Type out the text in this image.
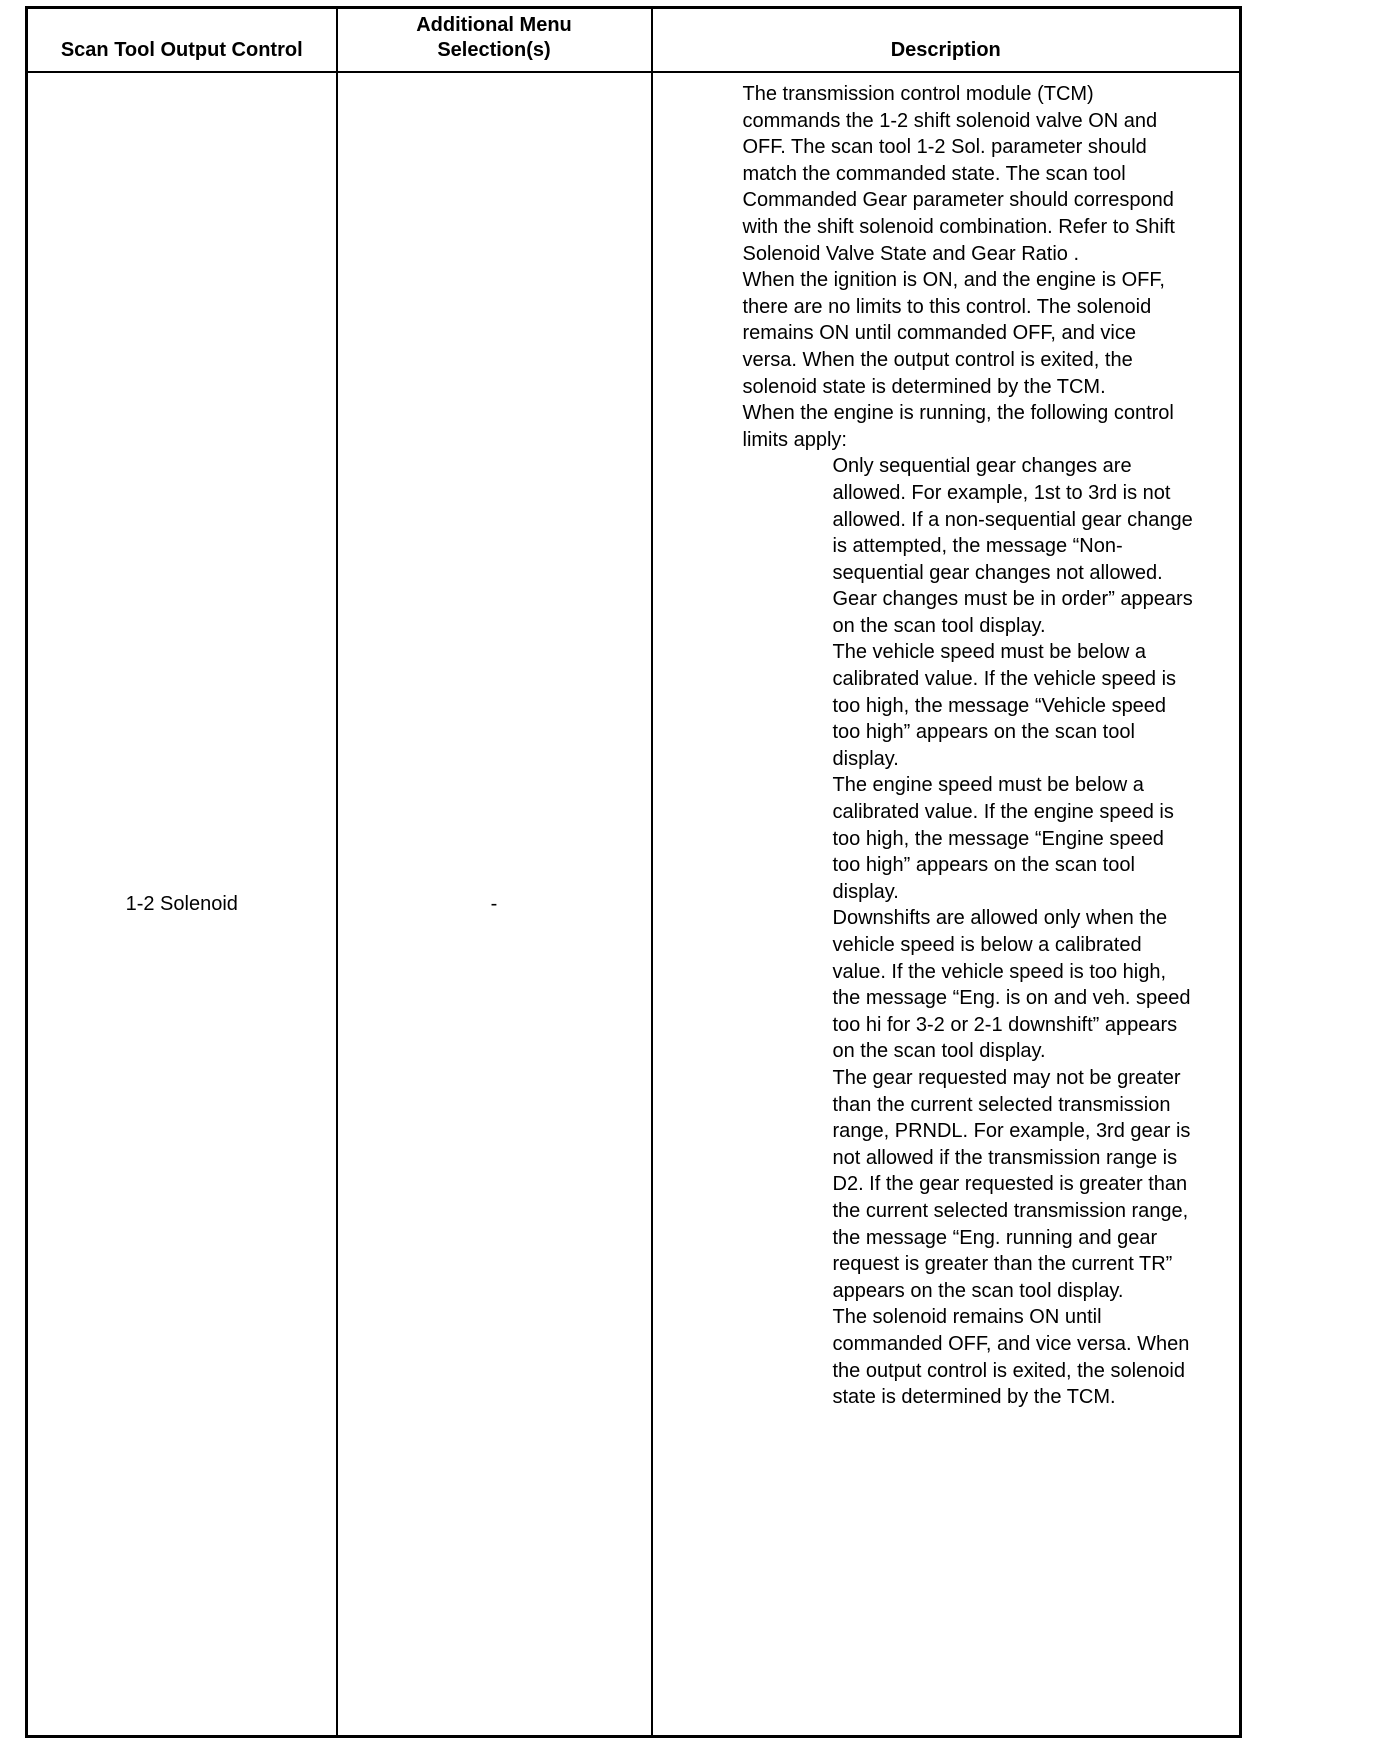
Scan Tool Output Control	Additional Menu Selection(s)	Description
1-2 Solenoid	-	

The transmission control module (TCM) commands the 1-2 shift solenoid valve ON and OFF. The scan tool 1-2 Sol. parameter should match the commanded state. The scan tool Commanded Gear parameter should correspond with the shift solenoid combination. Refer to Shift Solenoid Valve State and Gear Ratio .

When the ignition is ON, and the engine is OFF, there are no limits to this control. The solenoid remains ON until commanded OFF, and vice versa. When the output control is exited, the solenoid state is determined by the TCM.

When the engine is running, the following control limits apply:

Only sequential gear changes are allowed. For example, 1st to 3rd is not allowed. If a non-sequential gear change is attempted, the message “Non-sequential gear changes not allowed. Gear changes must be in order” appears on the scan tool display.
The vehicle speed must be below a calibrated value. If the vehicle speed is too high, the message “Vehicle speed too high” appears on the scan tool display.
The engine speed must be below a calibrated value. If the engine speed is too high, the message “Engine speed too high” appears on the scan tool display.
Downshifts are allowed only when the vehicle speed is below a calibrated value. If the vehicle speed is too high, the message “Eng. is on and veh. speed too hi for 3-2 or 2-1 downshift” appears on the scan tool display.
The gear requested may not be greater than the current selected transmission range, PRNDL. For example, 3rd gear is not allowed if the transmission range is D2. If the gear requested is greater than the current selected transmission range, the message “Eng. running and gear request is greater than the current TR” appears on the scan tool display.
The solenoid remains ON until commanded OFF, and vice versa. When the output control is exited, the solenoid state is determined by the TCM.
